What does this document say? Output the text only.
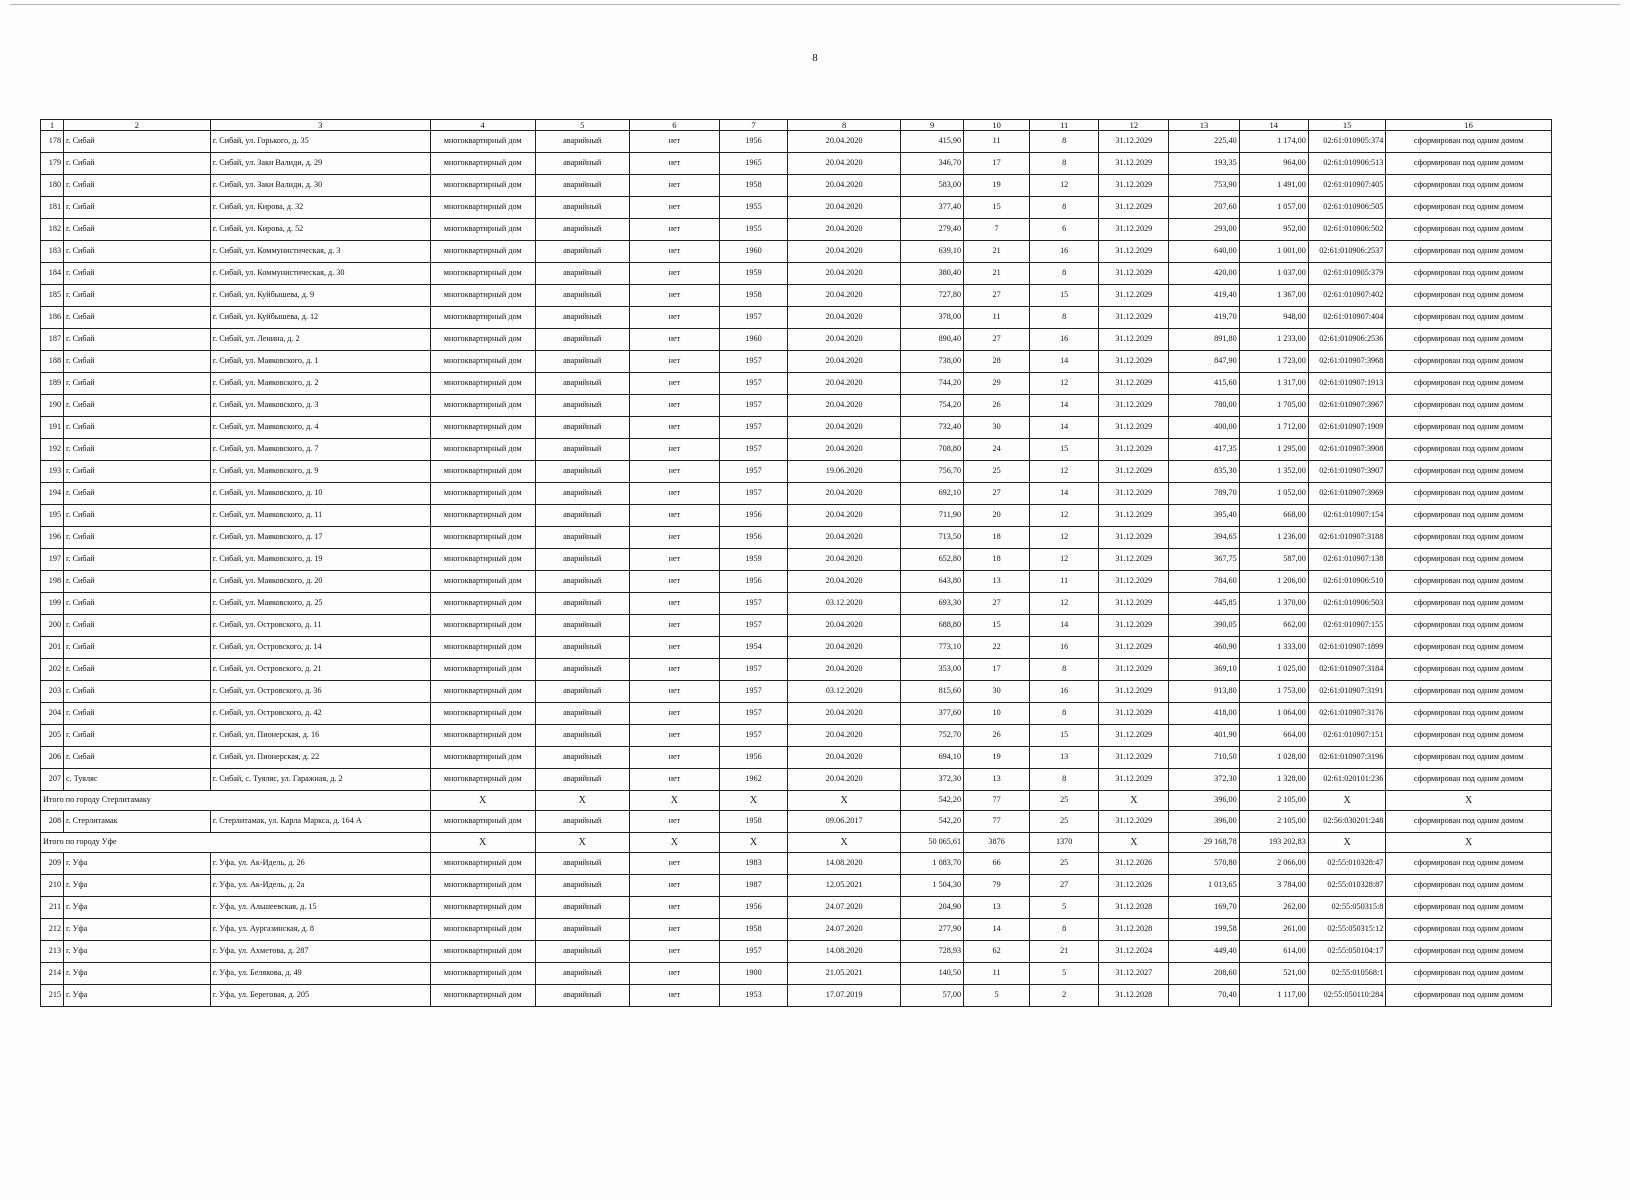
8
1	2	3	4	5	6	7	8	9	10	11	12	13	14	15	16
178	г. Сибай	г. Сибай, ул. Горького, д. 35	многоквартирный дом	аварийный	нет	1956	20.04.2020	415,90	11	8	31.12.2029	225,40	1 174,00	02:61:010905:374	сформирован под одним домом
179	г. Сибай	г. Сибай, ул. Заки Валиди, д. 29	многоквартирный дом	аварийный	нет	1965	20.04.2020	346,70	17	8	31.12.2029	193,35	964,00	02:61:010906:513	сформирован под одним домом
180	г. Сибай	г. Сибай, ул. Заки Валиди, д. 30	многоквартирный дом	аварийный	нет	1958	20.04.2020	583,00	19	12	31.12.2029	753,90	1 491,00	02:61:010907:405	сформирован под одним домом
181	г. Сибай	г. Сибай, ул. Кирова, д. 32	многоквартирный дом	аварийный	нет	1955	20.04.2020	377,40	15	8	31.12.2029	207,60	1 057,00	02:61:010906:505	сформирован под одним домом
182	г. Сибай	г. Сибай, ул. Кирова, д. 52	многоквартирный дом	аварийный	нет	1955	20.04.2020	279,40	7	6	31.12.2029	293,00	952,00	02:61:010906:502	сформирован под одним домом
183	г. Сибай	г. Сибай, ул. Коммунистическая, д. 3	многоквартирный дом	аварийный	нет	1960	20.04.2020	639,10	21	16	31.12.2029	640,00	1 001,00	02:61:010906:2537	сформирован под одним домом
184	г. Сибай	г. Сибай, ул. Коммунистическая, д. 30	многоквартирный дом	аварийный	нет	1959	20.04.2020	380,40	21	8	31.12.2029	420,00	1 037,00	02:61:010905:379	сформирован под одним домом
185	г. Сибай	г. Сибай, ул. Куйбышева, д. 9	многоквартирный дом	аварийный	нет	1958	20.04.2020	727,80	27	15	31.12.2029	419,40	1 367,00	02:61:010907:402	сформирован под одним домом
186	г. Сибай	г. Сибай, ул. Куйбышева, д. 12	многоквартирный дом	аварийный	нет	1957	20.04.2020	378,00	11	8	31.12.2029	419,70	948,00	02:61:010907:404	сформирован под одним домом
187	г. Сибай	г. Сибай, ул. Ленина, д. 2	многоквартирный дом	аварийный	нет	1960	20.04.2020	890,40	27	16	31.12.2029	891,80	1 233,00	02:61:010906:2536	сформирован под одним домом
188	г. Сибай	г. Сибай, ул. Маяковского, д. 1	многоквартирный дом	аварийный	нет	1957	20.04.2020	738,00	28	14	31.12.2029	847,90	1 723,00	02:61:010907:3968	сформирован под одним домом
189	г. Сибай	г. Сибай, ул. Маяковского, д. 2	многоквартирный дом	аварийный	нет	1957	20.04.2020	744,20	29	12	31.12.2029	415,60	1 317,00	02:61:010907:1913	сформирован под одним домом
190	г. Сибай	г. Сибай, ул. Маяковского, д. 3	многоквартирный дом	аварийный	нет	1957	20.04.2020	754,20	26	14	31.12.2029	780,00	1 705,00	02:61:010907:3967	сформирован под одним домом
191	г. Сибай	г. Сибай, ул. Маяковского, д. 4	многоквартирный дом	аварийный	нет	1957	20.04.2020	732,40	30	14	31.12.2029	400,00	1 712,00	02:61:010907:1909	сформирован под одним домом
192	г. Сибай	г. Сибай, ул. Маяковского, д. 7	многоквартирный дом	аварийный	нет	1957	20.04.2020	708,80	24	15	31.12.2029	417,35	1 295,00	02:61:010907:3908	сформирован под одним домом
193	г. Сибай	г. Сибай, ул. Маяковского, д. 9	многоквартирный дом	аварийный	нет	1957	19.06.2020	756,70	25	12	31.12.2029	835,30	1 352,00	02:61:010907:3907	сформирован под одним домом
194	г. Сибай	г. Сибай, ул. Маяковского, д. 10	многоквартирный дом	аварийный	нет	1957	20.04.2020	692,10	27	14	31.12.2029	789,70	1 052,00	02:61:010907:3969	сформирован под одним домом
195	г. Сибай	г. Сибай, ул. Маяковского, д. 11	многоквартирный дом	аварийный	нет	1956	20.04.2020	711,90	20	12	31.12.2029	395,40	668,00	02:61:010907:154	сформирован под одним домом
196	г. Сибай	г. Сибай, ул. Маяковского, д. 17	многоквартирный дом	аварийный	нет	1956	20.04.2020	713,50	18	12	31.12.2029	394,65	1 236,00	02:61:010907:3188	сформирован под одним домом
197	г. Сибай	г. Сибай, ул. Маяковского, д. 19	многоквартирный дом	аварийный	нет	1959	20.04.2020	652,80	18	12	31.12.2029	367,75	587,00	02:61:010907:138	сформирован под одним домом
198	г. Сибай	г. Сибай, ул. Маяковского, д. 20	многоквартирный дом	аварийный	нет	1956	20.04.2020	643,80	13	11	31.12.2029	784,60	1 206,00	02:61:010906:510	сформирован под одним домом
199	г. Сибай	г. Сибай, ул. Маяковского, д. 25	многоквартирный дом	аварийный	нет	1957	03.12.2020	693,30	27	12	31.12.2029	445,85	1 370,00	02:61:010906:503	сформирован под одним домом
200	г. Сибай	г. Сибай, ул. Островского, д. 11	многоквартирный дом	аварийный	нет	1957	20.04.2020	688,80	15	14	31.12.2029	390,05	662,00	02:61:010907:155	сформирован под одним домом
201	г. Сибай	г. Сибай, ул. Островского, д. 14	многоквартирный дом	аварийный	нет	1954	20.04.2020	773,10	22	16	31.12.2029	460,90	1 333,00	02:61:010907:1899	сформирован под одним домом
202	г. Сибай	г. Сибай, ул. Островского, д. 21	многоквартирный дом	аварийный	нет	1957	20.04.2020	353,00	17	8	31.12.2029	369,10	1 025,00	02:61:010907:3184	сформирован под одним домом
203	г. Сибай	г. Сибай, ул. Островского, д. 36	многоквартирный дом	аварийный	нет	1957	03.12.2020	815,60	30	16	31.12.2029	913,80	1 753,00	02:61:010907:3191	сформирован под одним домом
204	г. Сибай	г. Сибай, ул. Островского, д. 42	многоквартирный дом	аварийный	нет	1957	20.04.2020	377,60	10	8	31.12.2029	418,00	1 064,00	02:61:010907:3176	сформирован под одним домом
205	г. Сибай	г. Сибай, ул. Пионерская, д. 16	многоквартирный дом	аварийный	нет	1957	20.04.2020	752,70	26	15	31.12.2029	401,90	664,00	02:61:010907:151	сформирован под одним домом
206	г. Сибай	г. Сибай, ул. Пионерская, д. 22	многоквартирный дом	аварийный	нет	1956	20.04.2020	694,10	19	13	31.12.2029	710,50	1 028,00	02:61:010907:3196	сформирован под одним домом
207	с. Туяляс	г. Сибай, с. Туяляс, ул. Гаражная, д. 2	многоквартирный дом	аварийный	нет	1962	20.04.2020	372,30	13	8	31.12.2029	372,30	1 328,00	02:61:020101:236	сформирован под одним домом
Итого по городу Стерлитамаку			Х	Х	Х	Х	Х	542,20	77	25	Х	396,00	2 105,00	Х	Х
208	г. Стерлитамак	г. Стерлитамак, ул. Карла Маркса, д. 164 А	многоквартирный дом	аварийный	нет	1958	09.06.2017	542,20	77	25	31.12.2029	396,00	2 105,00	02:56:030201:248	сформирован под одним домом
Итого по городу Уфе			Х	Х	Х	Х	Х	50 065,61	3876	1370	Х	29 168,78	193 202,83	Х	Х
209	г. Уфа	г. Уфа, ул. Ак-Идель, д. 26	многоквартирный дом	аварийный	нет	1983	14.08.2020	1 083,70	66	25	31.12.2026	570,80	2 066,00	02:55:010328:47	сформирован под одним домом
210	г. Уфа	г. Уфа, ул. Ак-Идель, д. 2а	многоквартирный дом	аварийный	нет	1987	12.05.2021	1 504,30	79	27	31.12.2026	1 013,65	3 784,00	02:55:010328:87	сформирован под одним домом
211	г. Уфа	г. Уфа, ул. Альшеевская, д. 15	многоквартирный дом	аварийный	нет	1956	24.07.2020	204,90	13	5	31.12.2028	169,70	262,00	02:55:050315:8	сформирован под одним домом
212	г. Уфа	г. Уфа, ул. Аургазинская, д. 8	многоквартирный дом	аварийный	нет	1958	24.07.2020	277,90	14	8	31.12.2028	199,58	261,00	02:55:050315:12	сформирован под одним домом
213	г. Уфа	г. Уфа, ул. Ахметова, д. 287	многоквартирный дом	аварийный	нет	1957	14.08.2020	728,93	62	21	31.12.2024	449,40	614,00	02:55:050104:17	сформирован под одним домом
214	г. Уфа	г. Уфа, ул. Белякова, д. 49	многоквартирный дом	аварийный	нет	1900	21.05.2021	140,50	11	5	31.12.2027	208,60	521,00	02:55:010568:1	сформирован под одним домом
215	г. Уфа	г. Уфа, ул. Береговая, д. 205	многоквартирный дом	аварийный	нет	1953	17.07.2019	57,00	5	2	31.12.2028	70,40	1 117,00	02:55:050110:284	сформирован под одним домом
